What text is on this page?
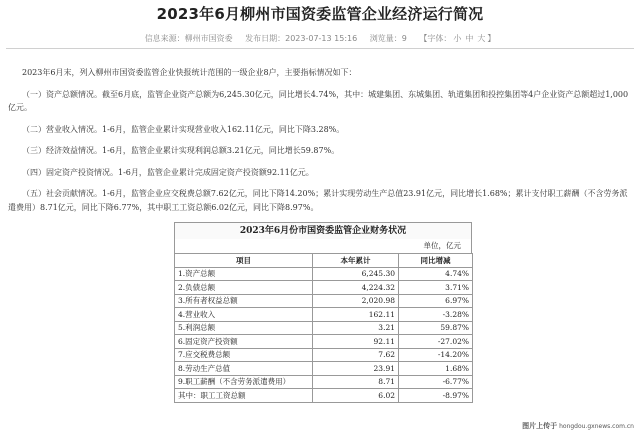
2023年6月柳州市国资委监管企业经济运行简况
信息来源：柳州市国资委 发布日期：2023-07-13 15:16 浏览量：9 【字体： 小 中 大 】

2023年6月末，列入柳州市国资委监管企业快报统计范围的一级企业8户，主要指标情况如下：

（一）资产总额情况。截至6月底，监管企业资产总额为6,245.30亿元，同比增长4.74%，其中：城建集团、东城集团、轨道集团和投控集团等4户企业资产总额超过1,000亿元。

（二）营业收入情况。1-6月，监管企业累计实现营业收入162.11亿元，同比下降3.28%。

（三）经济效益情况。1-6月，监管企业累计实现利润总额3.21亿元，同比增长59.87%。

（四）固定资产投资情况。1-6月，监管企业累计完成固定资产投资额92.11亿元。

（五）社会贡献情况。1-6月，监管企业应交税费总额7.62亿元，同比下降14.20%；累计实现劳动生产总值23.91亿元，同比增长1.68%；累计支付职工薪酬（不含劳务派遣费用）8.71亿元，同比下降6.77%，其中职工工资总额6.02亿元，同比下降8.97%。

2023年6月份市国资委监管企业财务状况
单位，亿元
项目	本年累计	同比增减
1.资产总额	6,245.30	4.74%
2.负债总额	4,224.32	3.71%
3.所有者权益总额	2,020.98	6.97%
4.营业收入	162.11	-3.28%
5.利润总额	3.21	59.87%
6.固定资产投资额	92.11	-27.02%
7.应交税费总额	7.62	-14.20%
8.劳动生产总值	23.91	1.68%
9.职工薪酬（不含劳务派遣费用）	8.71	-6.77%
其中：职工工资总额	6.02	-8.97%
图片上传于 hongdou.gxnews.com.cn
